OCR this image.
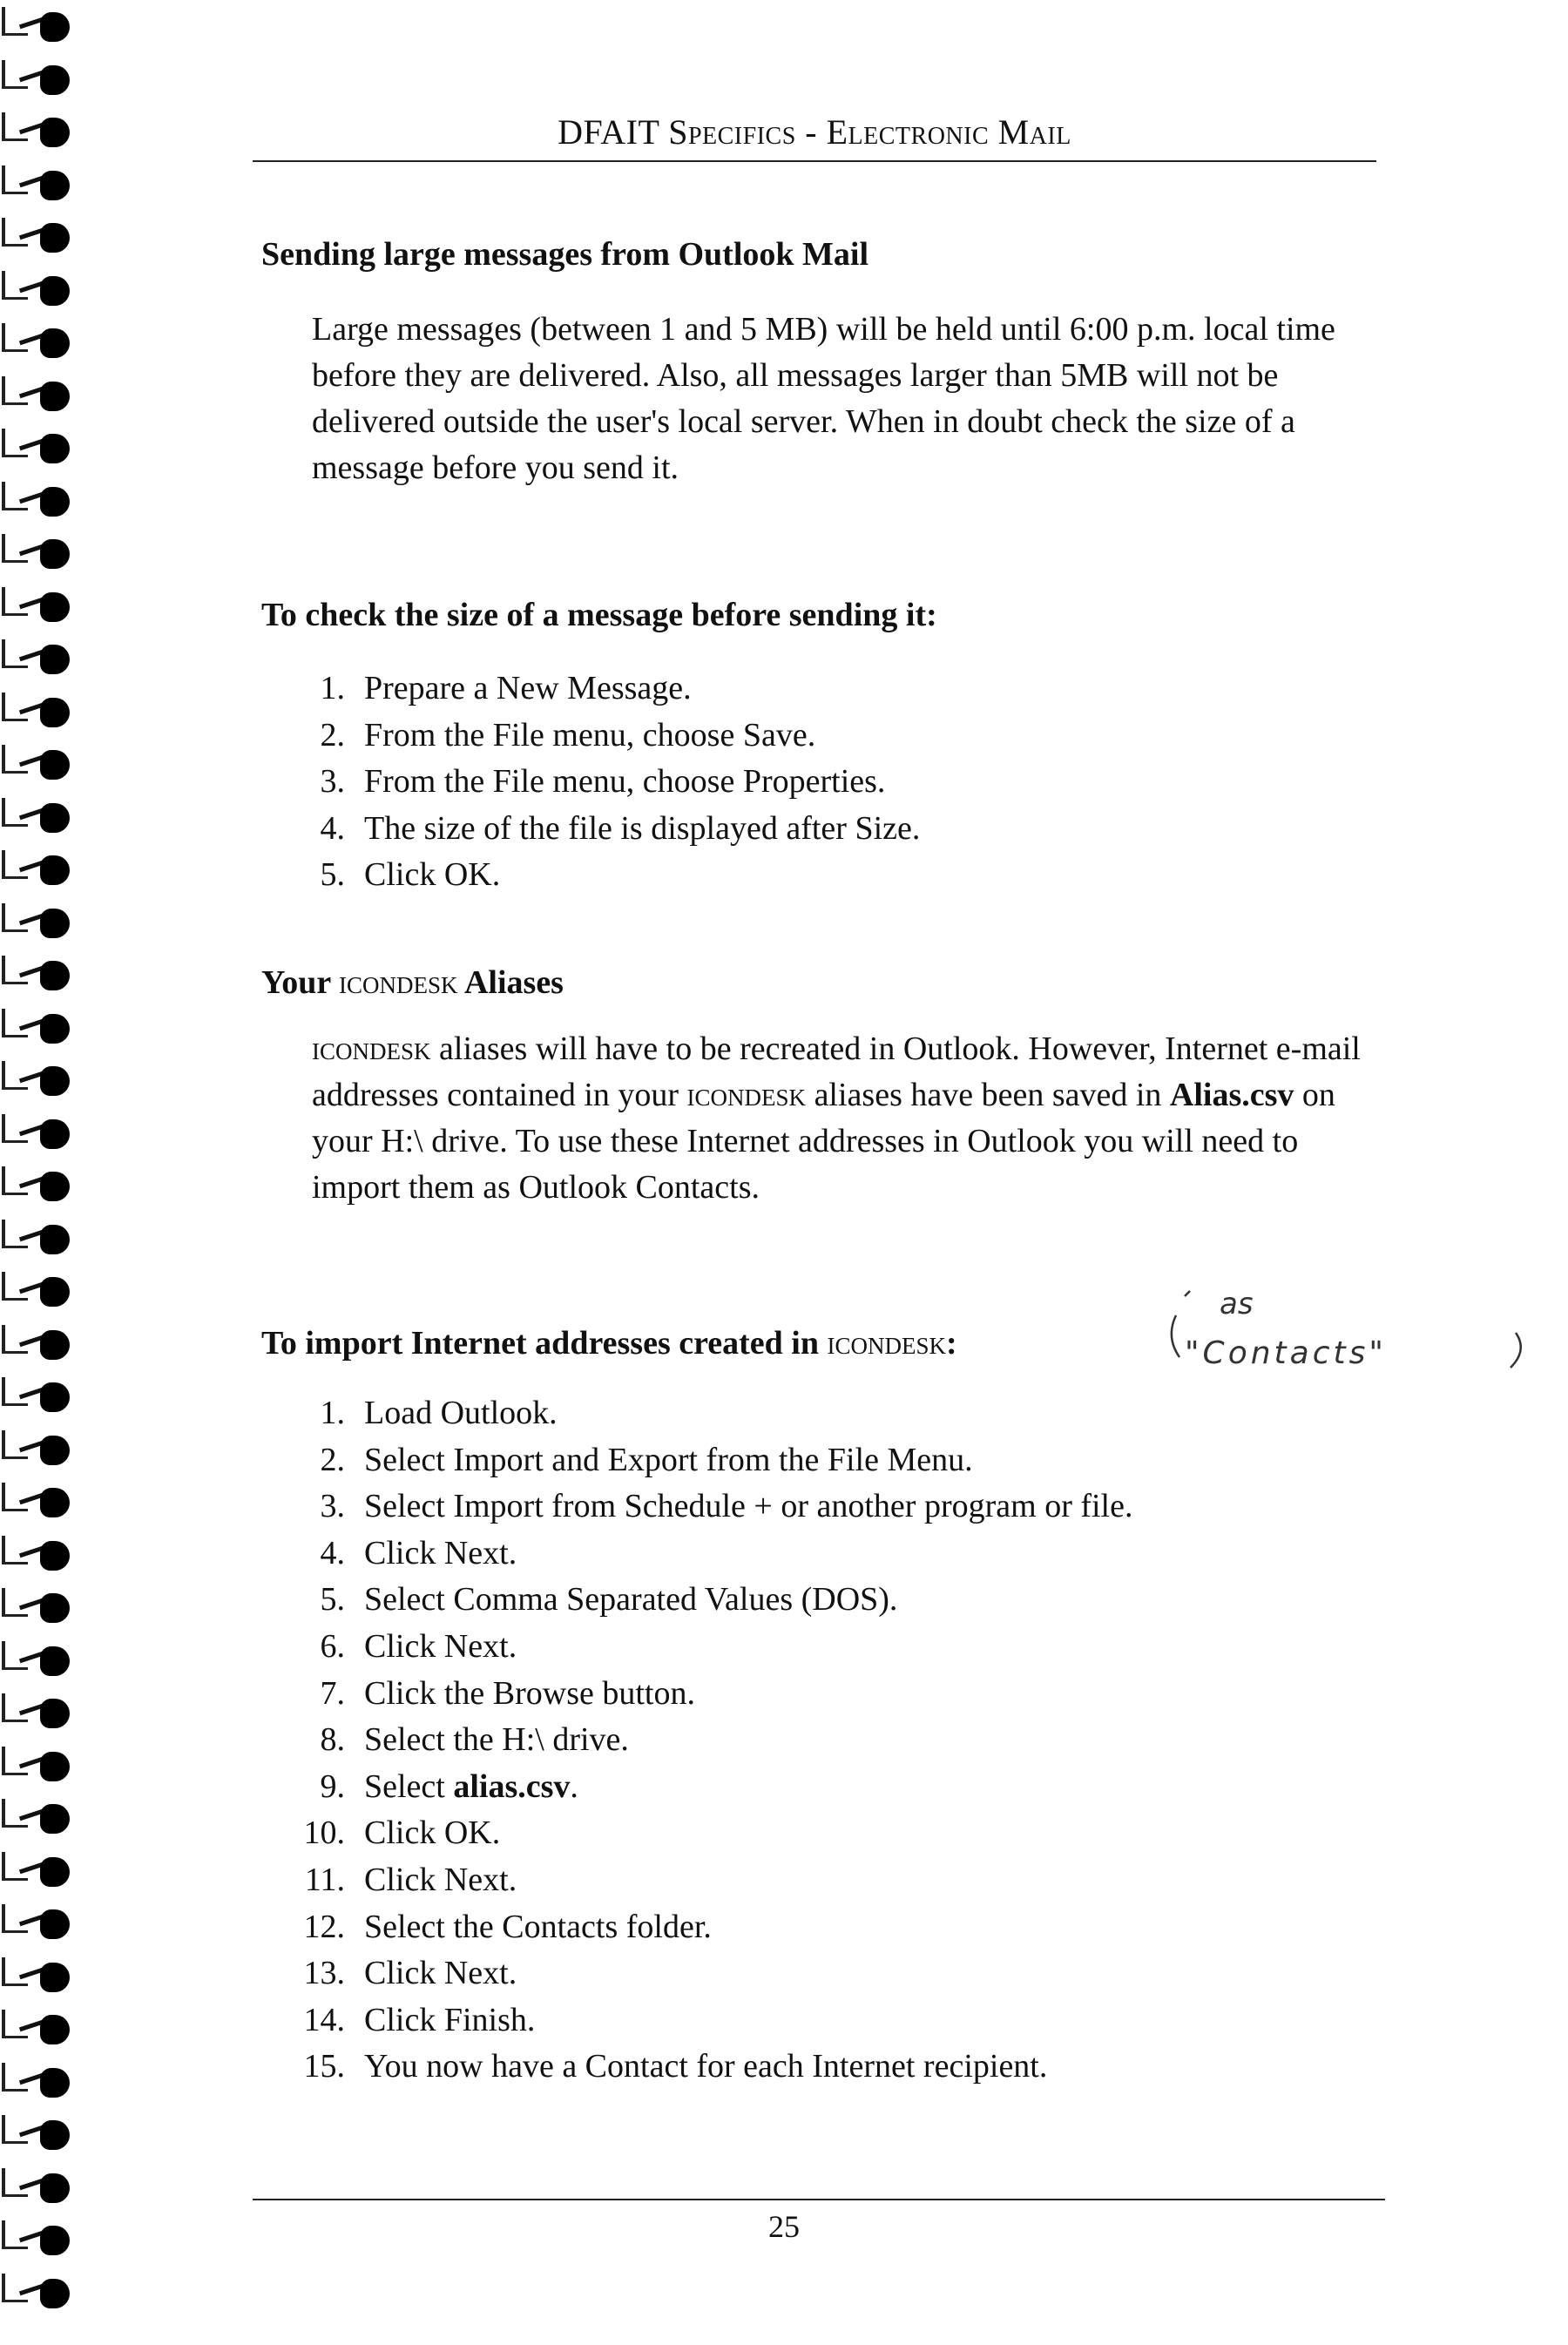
DFAIT Specifics - Electronic Mail
Sending large messages from Outlook Mail

Large messages (between 1 and 5 MB) will be held until 6:00 p.m. local time before they are delivered. Also, all messages larger than 5MB will not be delivered outside the user's local server. When in doubt check the size of a message before you send it.

To check the size of a message before sending it:
1. Prepare a New Message.
2. From the File menu, choose Save.
3. From the File menu, choose Properties.
4. The size of the file is displayed after Size.
5. Click OK.
Your icondesk Aliases

icondesk aliases will have to be recreated in Outlook. However, Internet e-mail addresses contained in your icondesk aliases have been saved in Alias.csv on your H:\ drive. To use these Internet addresses in Outlook you will need to import them as Outlook Contacts.

To import Internet addresses created in icondesk:
as
"Contacts"
1. Load Outlook.
2. Select Import and Export from the File Menu.
3. Select Import from Schedule + or another program or file.
4. Click Next.
5. Select Comma Separated Values (DOS).
6. Click Next.
7. Click the Browse button.
8. Select the H:\ drive.
9. Select alias.csv.
10. Click OK.
11. Click Next.
12. Select the Contacts folder.
13. Click Next.
14. Click Finish.
15. You now have a Contact for each Internet recipient.
25
